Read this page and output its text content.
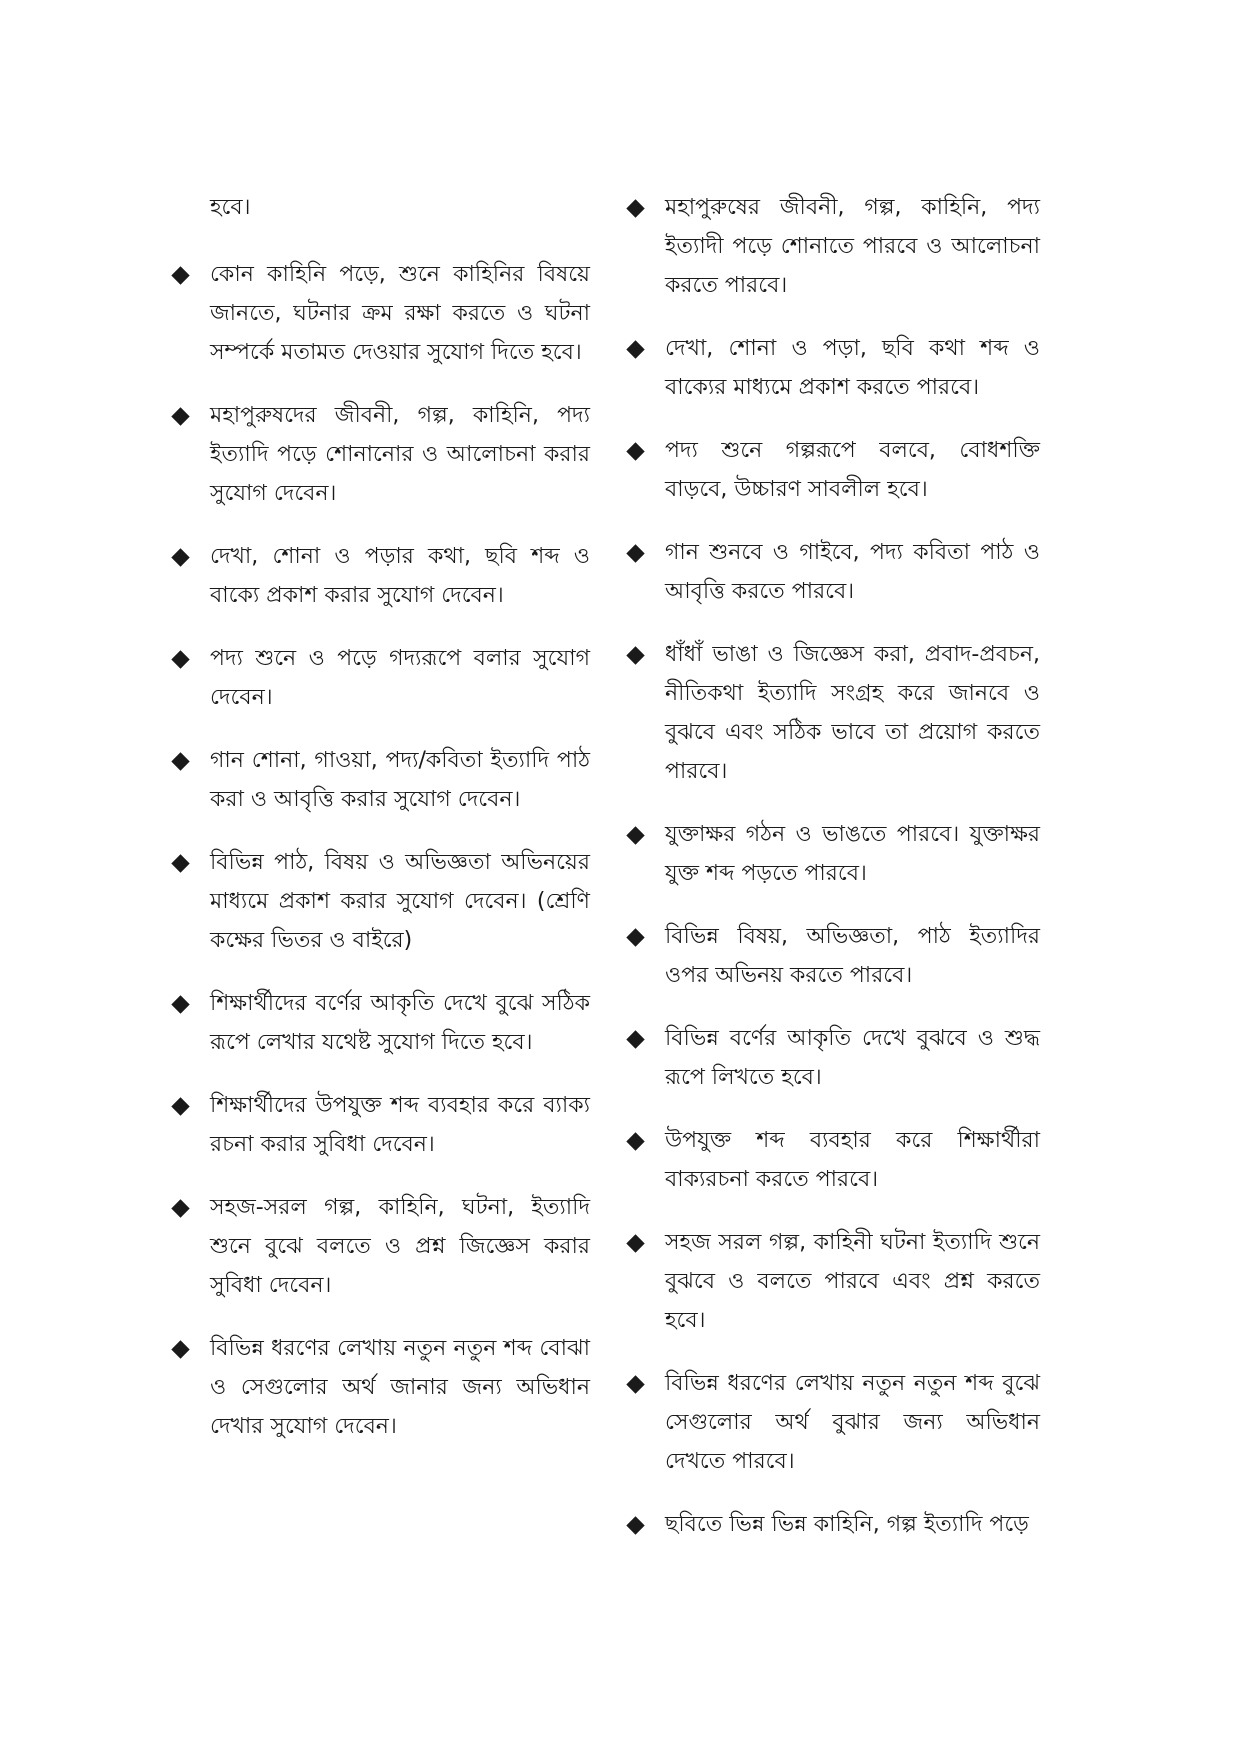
হবে।
কোন কাহিনি পড়ে, শুনে কাহিনির বিষয়ে জানতে, ঘটনার ক্রম রক্ষা করতে ও ঘটনা সম্পর্কে মতামত দেওয়ার সুযোগ দিতে হবে।
মহাপুরুষদের জীবনী, গল্প, কাহিনি, পদ্য ইত্যাদি পড়ে শোনানোর ও আলোচনা করার সুযোগ দেবেন।
দেখা, শোনা ও পড়ার কথা, ছবি শব্দ ও বাক্যে প্রকাশ করার সুযোগ দেবেন।
পদ্য শুনে ও পড়ে গদ্যরূপে বলার সুযোগ দেবেন।
গান শোনা, গাওয়া, পদ্য/কবিতা ইত্যাদি পাঠ করা ও আবৃত্তি করার সুযোগ দেবেন।
বিভিন্ন পাঠ, বিষয় ও অভিজ্ঞতা অভিনয়ের মাধ্যমে প্রকাশ করার সুযোগ দেবেন। (শ্রেণি কক্ষের ভিতর ও বাইরে)
শিক্ষার্থীদের বর্ণের আকৃতি দেখে বুঝে সঠিক রূপে লেখার যথেষ্ট সুযোগ দিতে হবে।
শিক্ষার্থীদের উপযুক্ত শব্দ ব্যবহার করে ব্যাক্য রচনা করার সুবিধা দেবেন।
সহজ-সরল গল্প, কাহিনি, ঘটনা, ইত্যাদি শুনে বুঝে বলতে ও প্রশ্ন জিজ্ঞেস করার সুবিধা দেবেন।
বিভিন্ন ধরণের লেখায় নতুন নতুন শব্দ বোঝা ও সেগুলোর অর্থ জানার জন্য অভিধান দেখার সুযোগ দেবেন।
মহাপুরুষের জীবনী, গল্প, কাহিনি, পদ্য ইত্যাদী পড়ে শোনাতে পারবে ও আলোচনা করতে পারবে।
দেখা, শোনা ও পড়া, ছবি কথা শব্দ ও বাক্যের মাধ্যমে প্রকাশ করতে পারবে।
পদ্য শুনে গল্পরূপে বলবে, বোধশক্তি বাড়বে, উচ্চারণ সাবলীল হবে।
গান শুনবে ও গাইবে, পদ্য কবিতা পাঠ ও আবৃত্তি করতে পারবে।
ধাঁধাঁ ভাঙা ও জিজ্ঞেস করা, প্রবাদ-প্রবচন, নীতিকথা ইত্যাদি সংগ্রহ করে জানবে ও বুঝবে এবং সঠিক ভাবে তা প্রয়োগ করতে পারবে।
যুক্তাক্ষর গঠন ও ভাঙতে পারবে। যুক্তাক্ষর যুক্ত শব্দ পড়তে পারবে।
বিভিন্ন বিষয়, অভিজ্ঞতা, পাঠ ইত্যাদির ওপর অভিনয় করতে পারবে।
বিভিন্ন বর্ণের আকৃতি দেখে বুঝবে ও শুদ্ধ রূপে লিখতে হবে।
উপযুক্ত শব্দ ব্যবহার করে শিক্ষার্থীরা বাক্যরচনা করতে পারবে।
সহজ সরল গল্প, কাহিনী ঘটনা ইত্যাদি শুনে বুঝবে ও বলতে পারবে এবং প্রশ্ন করতে হবে।
বিভিন্ন ধরণের লেখায় নতুন নতুন শব্দ বুঝে সেগুলোর অর্থ বুঝার জন্য অভিধান দেখতে পারবে।
ছবিতে ভিন্ন ভিন্ন কাহিনি, গল্প ইত্যাদি পড়ে
